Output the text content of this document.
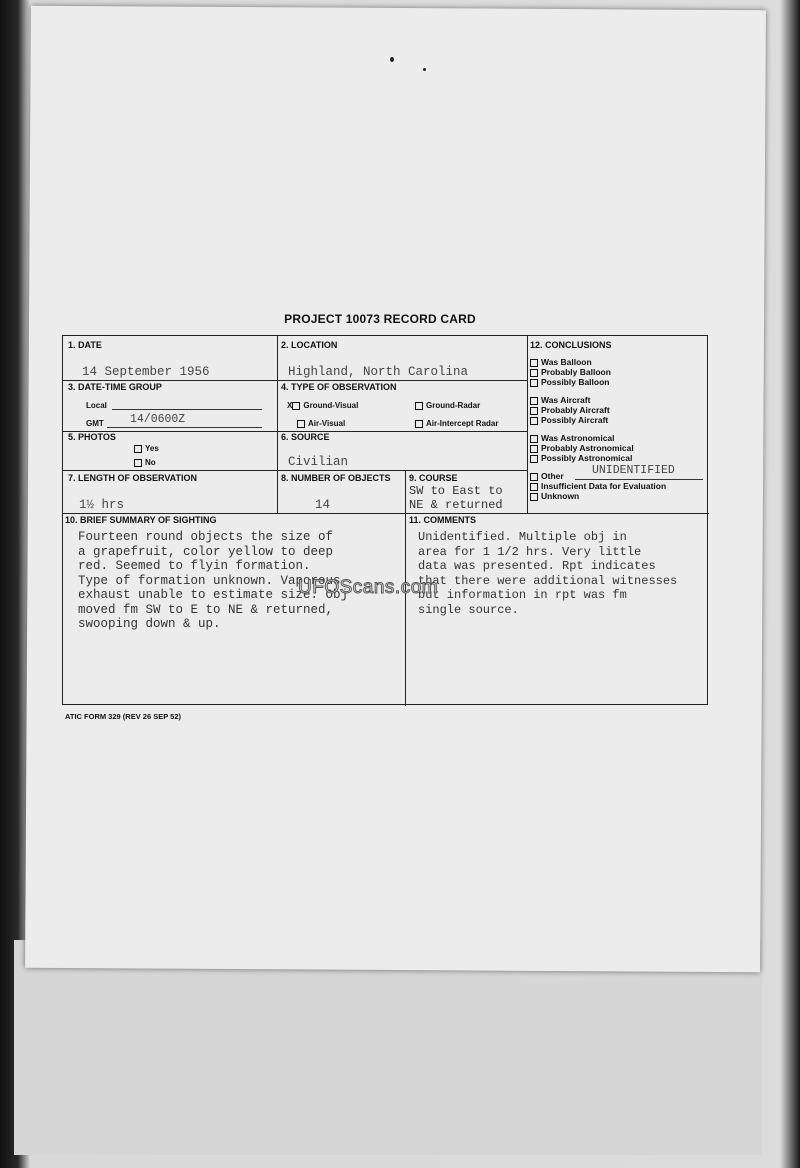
PROJECT 10073 RECORD CARD
1. DATE
14 September 1956
2. LOCATION
Highland, North Carolina
3. DATE-TIME GROUP
Local
GMT 14/0600Z
4. TYPE OF OBSERVATION
X Ground-Visual	Ground-Radar
Air-Visual	Air-Intercept Radar
5. PHOTOS
Yes
No
6. SOURCE
Civilian
7. LENGTH OF OBSERVATION
1½ hrs
8. NUMBER OF OBJECTS
14
9. COURSE
SW to East to
NE & returned
10. BRIEF SUMMARY OF SIGHTING
Fourteen round objects the size of
a grapefruit, color yellow to deep
red. Seemed to flyin formation.
Type of formation unknown. Vaporous
exhaust unable to estimate size. Obj
moved fm SW to E to NE & returned,
swooping down & up.
11. COMMENTS
Unidentified. Multiple obj in
area for 1 1/2 hrs. Very little
data was presented. Rpt indicates
that there were additional witnesses
but information in rpt was fm
single source.
12. CONCLUSIONS
Was Balloon
Probably Balloon
Possibly Balloon
Was Aircraft
Probably Aircraft
Possibly Aircraft
Was Astronomical
Probably Astronomical
Possibly Astronomical
Other UNIDENTIFIED
Insufficient Data for Evaluation
Unknown
ATIC FORM 329 (REV 26 SEP 52)
UFOScans.com
